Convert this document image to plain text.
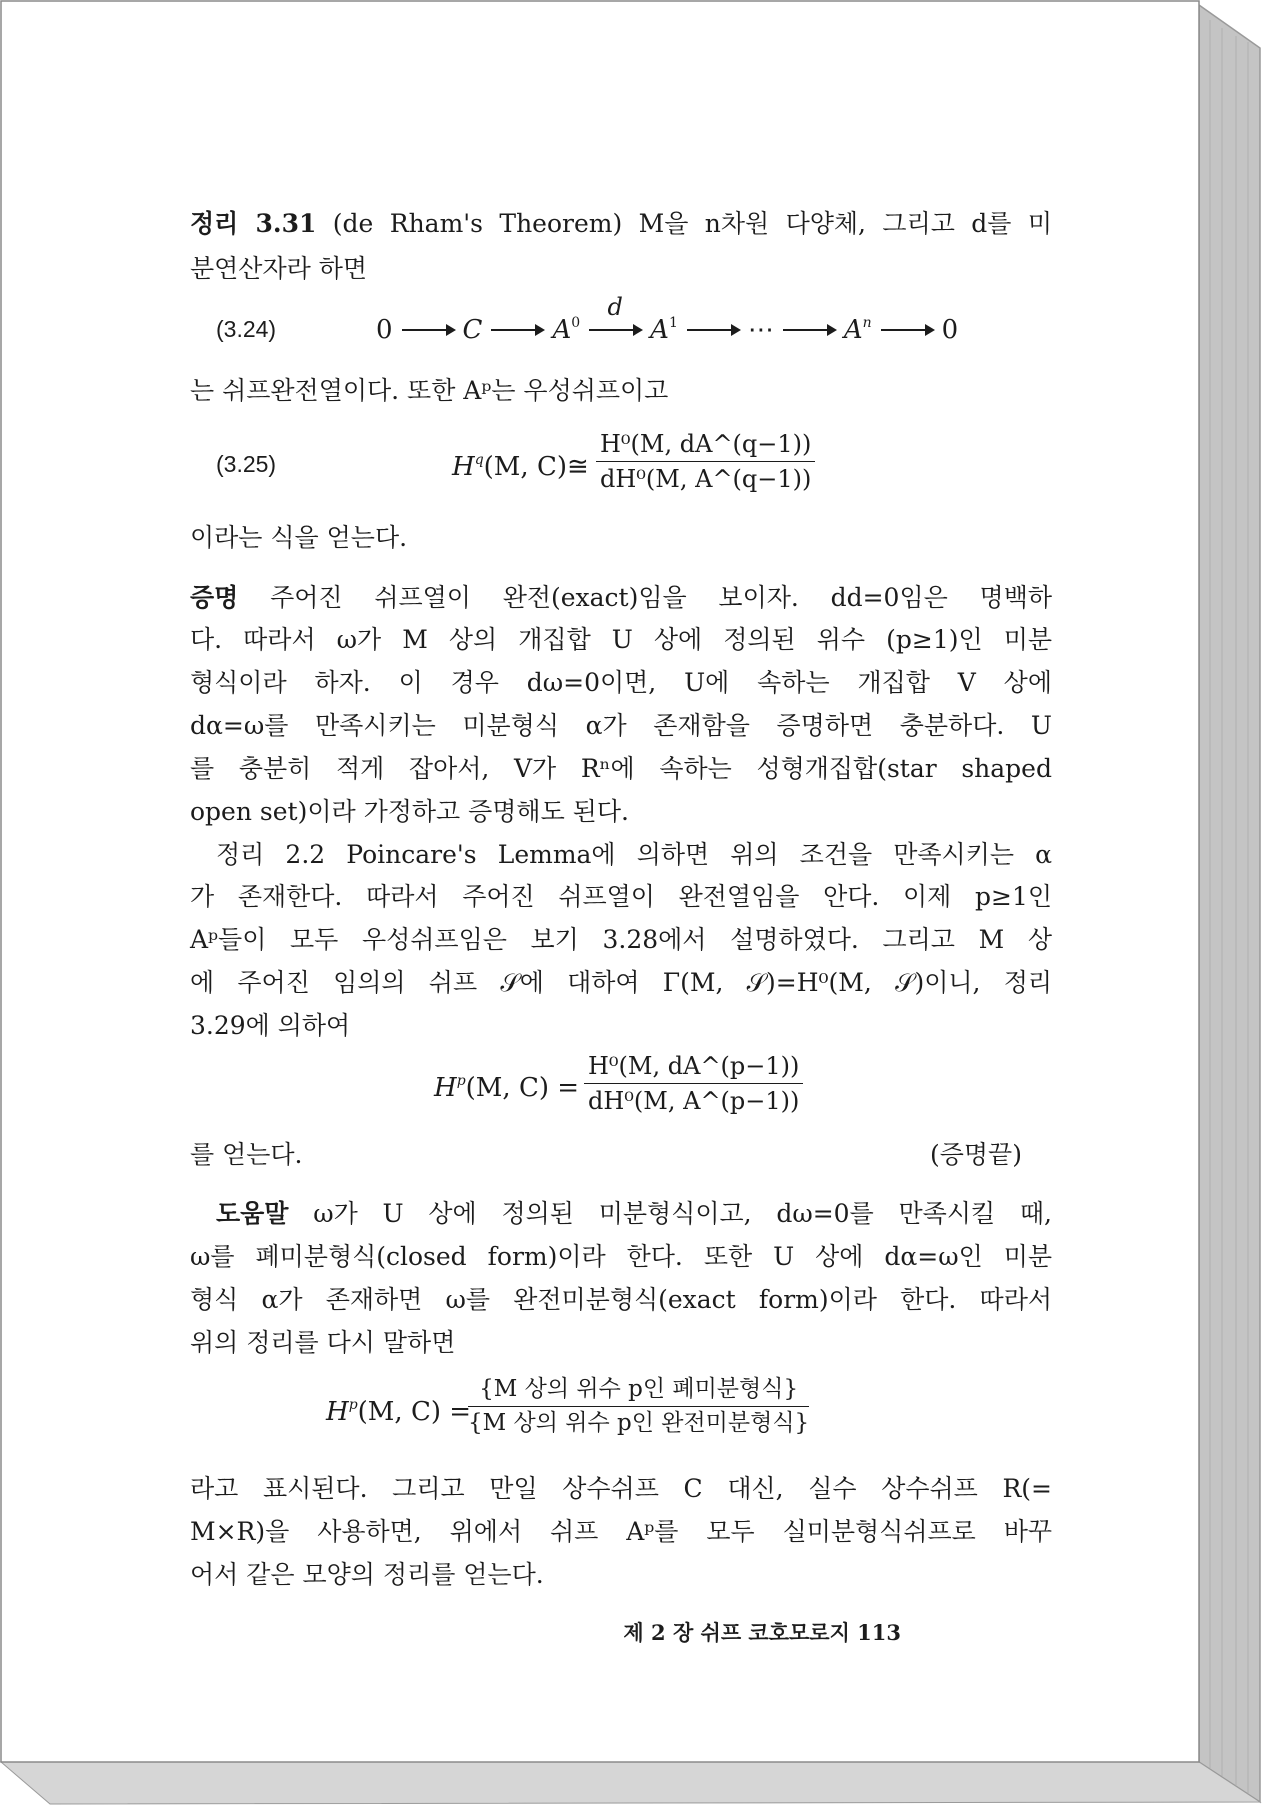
정리 3.31 (de Rham's Theorem) M을 n차원 다양체, 그리고 d를 미
분연산자라 하면
(3.24)	0	C	$A^0$
d
$A^1$	⋯	$A^n$	0
는 쉬프완전열이다. 또한 Aᵖ는 우성쉬프이고
(3.25)	$H^q(M$, C)≅ $\frac{\text{H⁰(M, dA\textasciicircum{}(q−1))}}{\text{dH⁰(M, A\textasciicircum{}(q−1))}}$
이라는 식을 얻는다.
증명 주어진 쉬프열이 완전(exact)임을 보이자. dd=0임은 명백하
다. 따라서 ω가 M 상의 개집합 U 상에 정의된 위수 (p≥1)인 미분
형식이라 하자. 이 경우 dω=0이면, U에 속하는 개집합 V 상에
dα=ω를 만족시키는 미분형식 α가 존재함을 증명하면 충분하다. U
를 충분히 적게 잡아서, V가 Rⁿ에 속하는 성형개집합(star shaped
open set)이라 가정하고 증명해도 된다.
정리 2.2 Poincare's Lemma에 의하면 위의 조건을 만족시키는 α
가 존재한다. 따라서 주어진 쉬프열이 완전열임을 안다. 이제 p≥1인
Aᵖ들이 모두 우성쉬프임은 보기 3.28에서 설명하였다. 그리고 M 상
에 주어진 임의의 쉬프 𝒮에 대하여 Γ(M, 𝒮)=H⁰(M, 𝒮)이니, 정리
3.29에 의하여
$H^p(M$, $C) = \frac{\text{H⁰(M, dA\textasciicircum{}(p−1))}}{\text{dH⁰(M, A\textasciicircum{}(p−1))}}$
를 얻는다.	(증명끝)
도움말 ω가 U 상에 정의된 미분형식이고, dω=0를 만족시킬 때,
ω를 폐미분형식(closed form)이라 한다. 또한 U 상에 dα=ω인 미분
형식 α가 존재하면 ω를 완전미분형식(exact form)이라 한다. 따라서
위의 정리를 다시 말하면
$H^p(M$, C) =
{M 상의 위수 p인 폐미분형식}
{M 상의 위수 p인 완전미분형식}
라고 표시된다. 그리고 만일 상수쉬프 C 대신, 실수 상수쉬프 R(=
M×R)을 사용하면, 위에서 쉬프 Aᵖ를 모두 실미분형식쉬프로 바꾸
어서 같은 모양의 정리를 얻는다.
제 2 장 쉬프 코호모로지 113
